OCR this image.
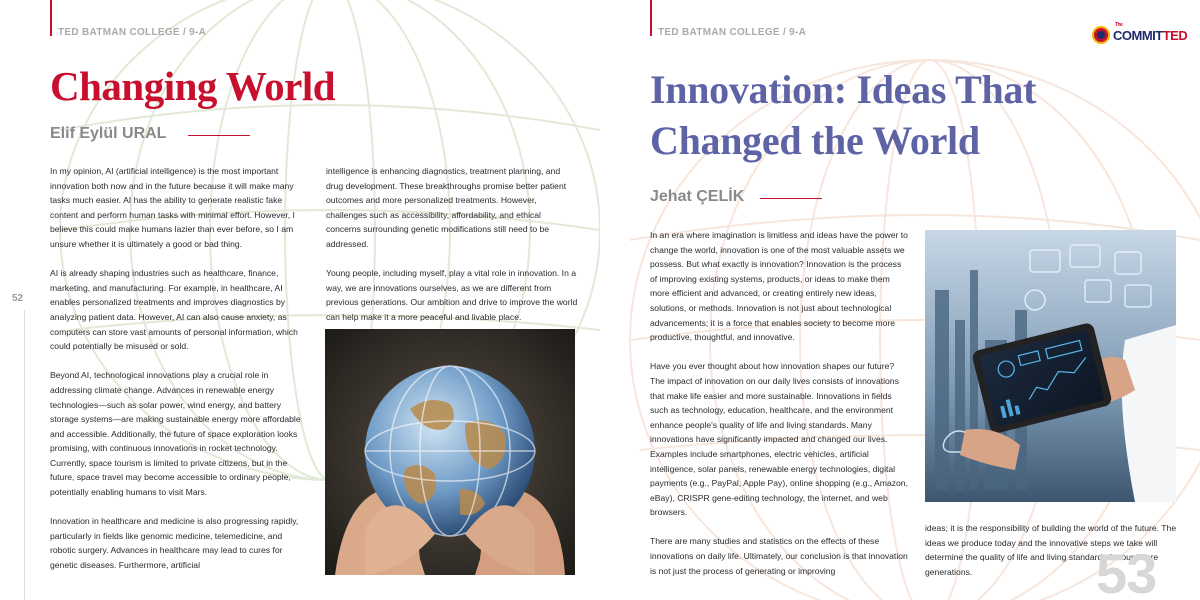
TED BATMAN COLLEGE / 9-A
Changing World
Elif Eylül URAL

In my opinion, AI (artificial intelligence) is the most important innovation both now and in the future because it will make many tasks much easier. AI has the ability to generate realistic fake content and perform human tasks with minimal effort. However, I believe this could make humans lazier than ever before, so I am unsure whether it is ultimately a good or bad thing.

AI is already shaping industries such as healthcare, finance, marketing, and manufacturing. For example, in healthcare, AI enables personalized treatments and improves diagnostics by analyzing patient data. However, AI can also cause anxiety, as computers can store vast amounts of personal information, which could potentially be misused or sold.

Beyond AI, technological innovations play a crucial role in addressing climate change. Advances in renewable energy technologies—such as solar power, wind energy, and battery storage systems—are making sustainable energy more affordable and accessible. Additionally, the future of space exploration looks promising, with continuous innovations in rocket technology. Currently, space tourism is limited to private citizens, but in the future, space travel may become accessible to ordinary people, potentially enabling humans to visit Mars.

Innovation in healthcare and medicine is also progressing rapidly, particularly in fields like genomic medicine, telemedicine, and robotic surgery. Advances in healthcare may lead to cures for genetic diseases. Furthermore, artificial

intelligence is enhancing diagnostics, treatment planning, and drug development. These breakthroughs promise better patient outcomes and more personalized treatments. However, challenges such as accessibility, affordability, and ethical concerns surrounding genetic modifications still need to be addressed.

Young people, including myself, play a vital role in innovation. In a way, we are innovations ourselves, as we are different from previous generations. Our ambition and drive to improve the world can help make it a more peaceful and livable place.

52
TED BATMAN COLLEGE / 9-A
The
COMMITTED
Innovation: Ideas That Changed the World
Jehat ÇELİK

In an era where imagination is limitless and ideas have the power to change the world, innovation is one of the most valuable assets we possess. But what exactly is innovation? Innovation is the process of improving existing systems, products, or ideas to make them more efficient and advanced, or creating entirely new ideas, solutions, or methods. Innovation is not just about technological advancements; it is a force that enables society to become more productive, thoughtful, and innovative.

Have you ever thought about how innovation shapes our future? The impact of innovation on our daily lives consists of innovations that make life easier and more sustainable. Innovations in fields such as technology, education, healthcare, and the environment enhance people's quality of life and living standards. Many innovations have significantly impacted and changed our lives. Examples include smartphones, electric vehicles, artificial intelligence, solar panels, renewable energy technologies, digital payments (e.g., PayPal, Apple Pay), online shopping (e.g., Amazon, eBay), CRISPR gene-editing technology, the internet, and web browsers.

There are many studies and statistics on the effects of these innovations on daily life. Ultimately, our conclusion is that innovation is not just the process of generating or improving

ideas; it is the responsibility of building the world of the future. The ideas we produce today and the innovative steps we take will determine the quality of life and living standards for our future generations.	53
